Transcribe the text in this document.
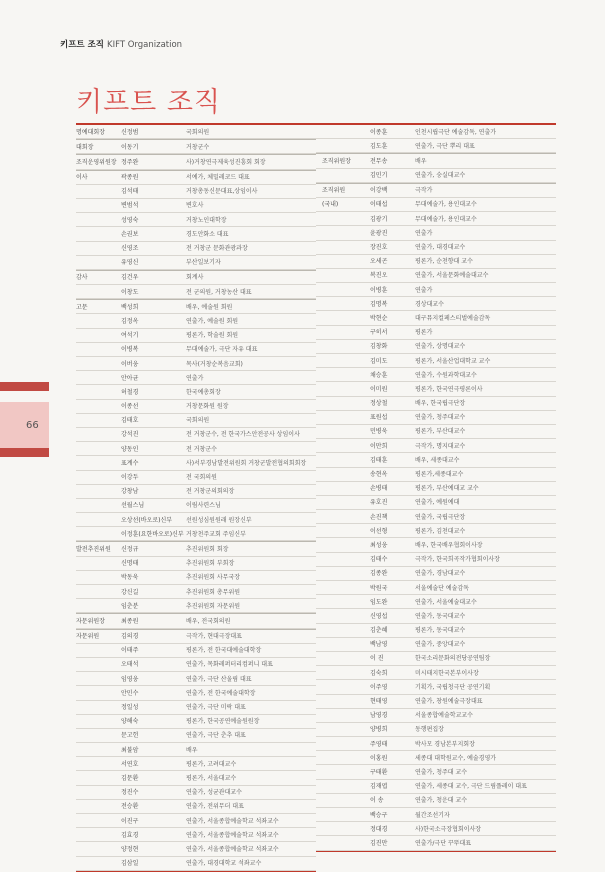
키프트 조직 KIFT Organization
키프트 조직
66
명예대회장	신정범	국회의원
대회장	이동기	거창군수
조직운영위원장 정주완	사)거창연극제육성진흥회 회장
이사	곽종원	서예가, 체밀레코드 대표
김석태	거창총동신문대표,상임이사
변범석	변호사
성영숙	거창노인대학장
손권보	경도안화소 대표
신영조	전 거창군 문화관광과장
유영신	부산일보기자
감사	김건우	회계사
이창도	전 군의원, 거창농산 대표
고문	백성희	배우, 예술원 회원
김정옥	연출가, 예술원 회원
여석기	평론가, 학술원 회원
이병복	무대예술가, 극단 자유 대표
이버웅	목사(거창순복음교회)
안아균	연출가
허철경	한국예총회장
이종선	거창문화원 원장
김태호	국회의원
강석진	전 거창군수, 전 한국가스안전공사 상임이사
양동인	전 거창군수
표계수	사)서부경남발전위원회 거창군발전협의회회장
이강두	전 국회의원
강창남	전 거창군의회의장
선월스님	이림사련스님
오상선(바오로)신부 선원성심원원래 원장신부
이정훈(요한바오로)신부 거창천주교회 주임신부
발전추진위원 신정규	추진위원회 회장
신명태	추진위원회 부회장
박동욱	추진위원회 사무국장
강신길	추진위원회 총무위원
임춘분	추진위원회 자문위원
자문위원장	최종원	배우, 전국회의원
자문위원	김의경	극작가, 현대극장대표
이태주	평론가, 전 한국대예술대학장
오태석	연출가, 목화레퍼터리컴퍼니 대표
임영웅	연출가, 극단 산울림 대표
안민수	연출가, 전 한국예술대학장
정일성	연출가, 극단 미락 대표
양해숙	평론가, 한국공연예술원원장
문고헌	연출가, 극단 춘추 대표
최불암	배우
서연호	평론가, 고려대교수
김문환	평론가, 서울대교수
정진수	연출가, 성균관대교수
전승환	연출가, 전위무더 대표
이진구	연출가, 서울종합예술학교 석좌교수
김효경	연출가, 서울종합예술학교 석좌교수
양정현	연출가, 서울종합예술학교 석좌교수
김삼일	연출가, 대경대학교 석좌교수
이종훈	인천시립극단 예술감독, 연출가
김도훈	연출가, 극단 뿌리 대표
조직위원장	전무송	배우
김민기	연출가, 숭실대교수
조직위원	이강백	극작가
(국내)	이태섭	무대예술가, 용인대교수
김광기	무대예술가, 용인대교수
윤광진	연출가
장진호	연출가, 대경대교수
오세곤	평론가, 순천향대 교수
복진오	연출가, 서울문화예술대교수
이병훈	연출가
김명복	경상대교수
박현순	대구뮤지컬페스티벌예술감독
구히서	평론가
김창화	연출가, 상명대교수
김미도	평론가, 서울산업대학교 교수
채승훈	연출가, 수원과학대교수
이미원	평론가, 한국연극평론이사
정상철	배우, 한국립극단장
표원섭	연출가, 청주대교수
민병욱	평론가, 부산대교수
이만희	극작가, 명지대교수
김태훈	배우, 세종대교수
송현옥	평론가,세종대교수
손병태	평론가, 부산예대교 교수
유호진	연출가, 예원예대
손진책	연출가, 국립극단장
이선형	평론가, 김천대교수
최성웅	배우, 한국배우협회이사장
김태수	극작가, 한국희곡작가협회이사장
김종완	연출가, 경남대교수
박원국	서울예술단 예술감독
임도완	연출가, 서울예술대교수
신영섭	연출가, 동국대교수
김춘혜	평론가, 동국대교수
백남영	연출가, 중앙대교수
이 진	한국소리문화의전당공연팀장
김숙희	미시태지한국본부이사장
이주영	기획가, 국립청극단 공연기획
현태영	연출가, 창원예술극장대표
남영경	서울종합예술학교교수
양병희	동행편집장
주영태	박사모 경남본부지회장
이홍원	세종대 대학원교수, 예술경영가
구태환	연출가, 청주대 교수
김재엽	연출가, 세종대 교수, 극단 드림플레이 대표
이 송	연출가, 청운대 교수
백승구	월간조선기자
정대경	사)한국소극장협회이사장
김진만	연출가/극단 꾸뚜대표
